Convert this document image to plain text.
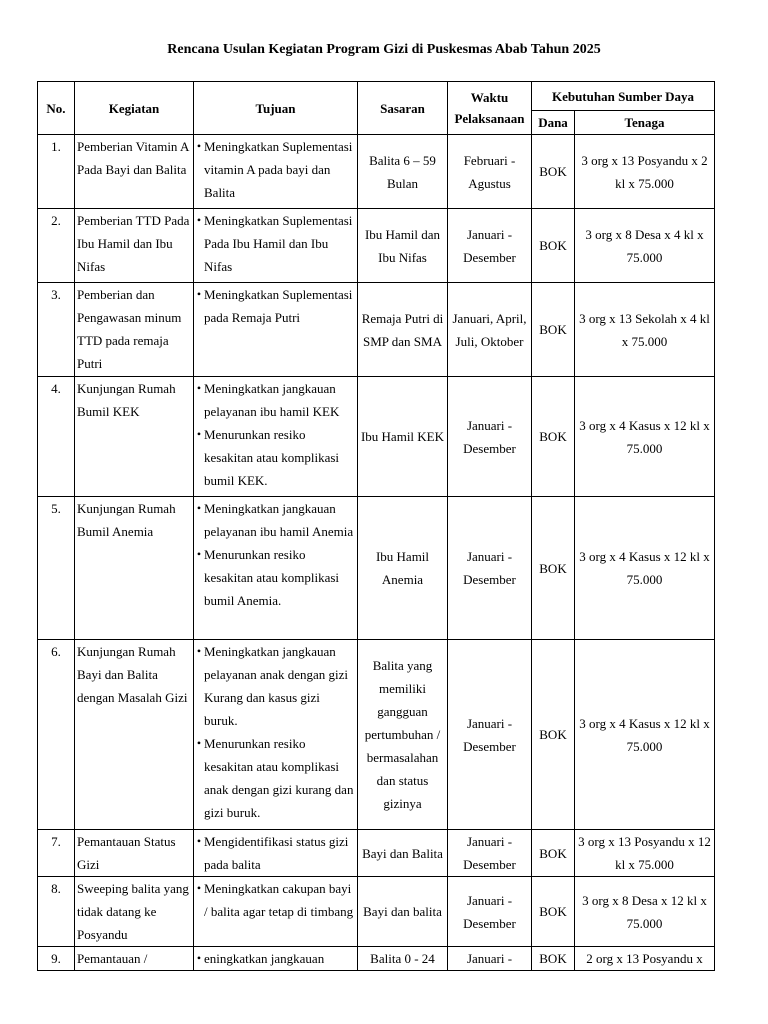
Rencana Usulan Kegiatan Program Gizi di Puskesmas Abab Tahun 2025
No.	Kegiatan	Tujuan	Sasaran	Waktu Pelaksanaan	Kebutuhan Sumber Daya	
					Dana	Tenaga
1.	Pemberian Vitamin A Pada Bayi dan Balita	• Meningkatkan Suplementasi vitamin A pada bayi dan Balita	Balita 6 – 59 Bulan	Februari - Agustus	BOK	3 org x 13 Posyandu x 2 kl x 75.000
2.	Pemberian TTD Pada Ibu Hamil dan Ibu Nifas	• Meningkatkan Suplementasi Pada Ibu Hamil dan Ibu Nifas	Ibu Hamil dan Ibu Nifas	Januari - Desember	BOK	3 org x 8 Desa x 4 kl x 75.000
3.	Pemberian dan Pengawasan minum TTD pada remaja Putri	• Meningkatkan Suplementasi pada Remaja Putri	Remaja Putri di SMP dan SMA	Januari, April, Juli, Oktober	BOK	3 org x 13 Sekolah x 4 kl x 75.000
4.	Kunjungan Rumah Bumil KEK	• Meningkatkan jangkauan pelayanan ibu hamil KEK
• Menurunkan resiko kesakitan atau komplikasi bumil KEK.	Ibu Hamil KEK	Januari - Desember	BOK	3 org x 4 Kasus x 12 kl x 75.000
5.	Kunjungan Rumah Bumil Anemia	• Meningkatkan jangkauan pelayanan ibu hamil Anemia
• Menurunkan resiko kesakitan atau komplikasi bumil Anemia.	Ibu Hamil Anemia	Januari - Desember	BOK	3 org x 4 Kasus x 12 kl x 75.000
6.	Kunjungan Rumah Bayi dan Balita dengan Masalah Gizi	• Meningkatkan jangkauan pelayanan anak dengan gizi Kurang dan kasus gizi buruk.
• Menurunkan resiko kesakitan atau komplikasi anak dengan gizi kurang dan gizi buruk.	Balita yang memiliki gangguan pertumbuhan / bermasalahan dan status gizinya	Januari - Desember	BOK	3 org x 4 Kasus x 12 kl x 75.000
7.	Pemantauan Status Gizi	• Mengidentifikasi status gizi pada balita	Bayi dan Balita	Januari - Desember	BOK	3 org x 13 Posyandu x 12 kl x 75.000
8.	Sweeping balita yang tidak datang ke Posyandu	• Meningkatkan cakupan bayi / balita agar tetap di timbang	Bayi dan balita	Januari - Desember	BOK	3 org x 8 Desa x 12 kl x 75.000
9.	Pemantauan /	• eningkatkan jangkauan	Balita 0 - 24	Januari -	BOK	2 org x 13 Posyandu x
